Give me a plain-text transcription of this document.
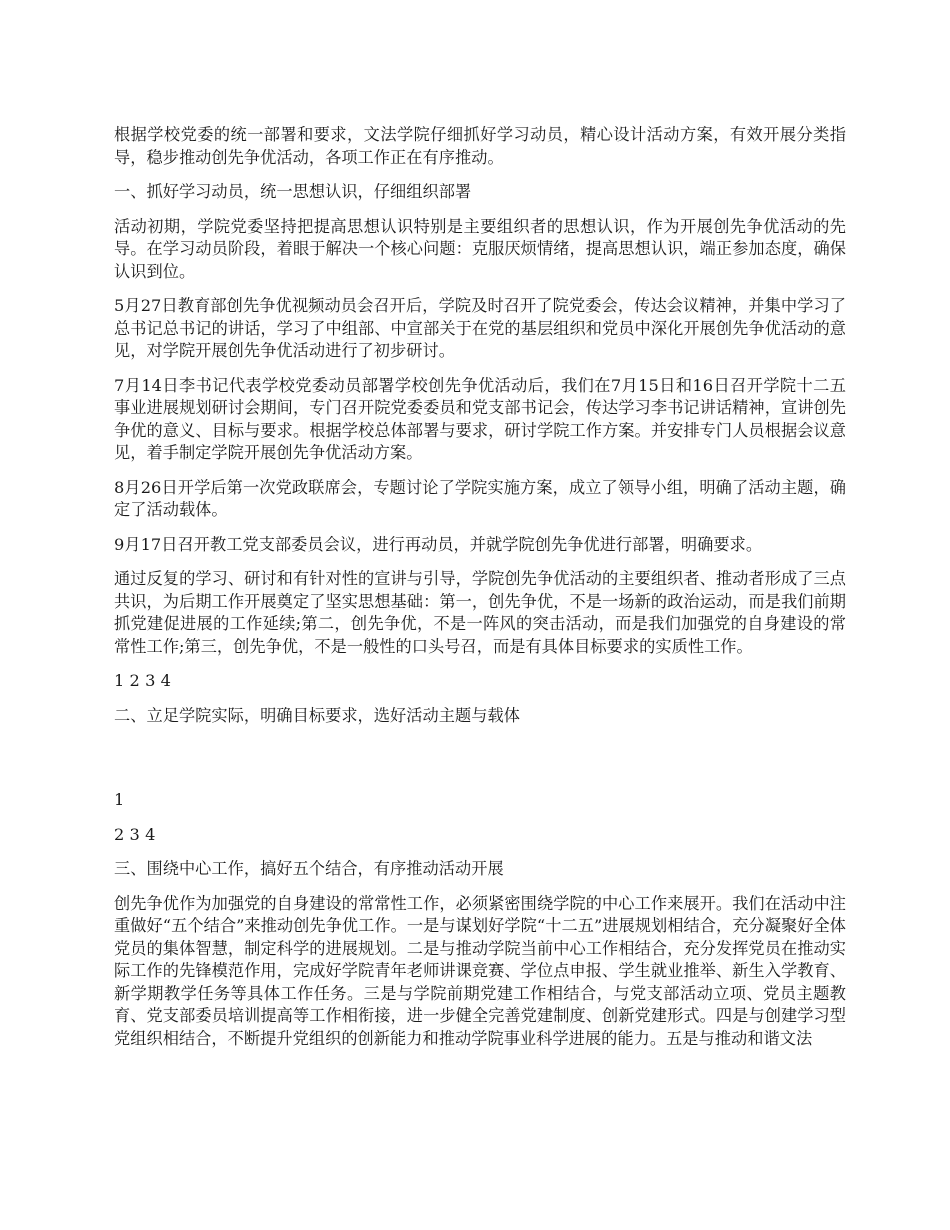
根据学校党委的统一部署和要求，文法学院仔细抓好学习动员，精心设计活动方案，有效开展分类指导，稳步推动创先争优活动，各项工作正在有序推动。

一、抓好学习动员，统一思想认识，仔细组织部署

活动初期，学院党委坚持把提高思想认识特别是主要组织者的思想认识，作为开展创先争优活动的先导。在学习动员阶段，着眼于解决一个核心问题：克服厌烦情绪，提高思想认识，端正参加态度，确保认识到位。

5月27日教育部创先争优视频动员会召开后，学院及时召开了院党委会，传达会议精神，并集中学习了总书记总书记的讲话，学习了中组部、中宣部关于在党的基层组织和党员中深化开展创先争优活动的意见，对学院开展创先争优活动进行了初步研讨。

7月14日李书记代表学校党委动员部署学校创先争优活动后，我们在7月15日和16日召开学院十二五事业进展规划研讨会期间，专门召开院党委委员和党支部书记会，传达学习李书记讲话精神，宣讲创先争优的意义、目标与要求。根据学校总体部署与要求，研讨学院工作方案。并安排专门人员根据会议意见，着手制定学院开展创先争优活动方案。

8月26日开学后第一次党政联席会，专题讨论了学院实施方案，成立了领导小组，明确了活动主题，确定了活动载体。

9月17日召开教工党支部委员会议，进行再动员，并就学院创先争优进行部署，明确要求。

通过反复的学习、研讨和有针对性的宣讲与引导，学院创先争优活动的主要组织者、推动者形成了三点共识，为后期工作开展奠定了坚实思想基础：第一，创先争优，不是一场新的政治运动，而是我们前期抓党建促进展的工作延续;第二，创先争优，不是一阵风的突击活动，而是我们加强党的自身建设的常常性工作;第三，创先争优，不是一般性的口头号召，而是有具体目标要求的实质性工作。

1 2 3 4

二、立足学院实际，明确目标要求，选好活动主题与载体

1

2 3 4

三、围绕中心工作，搞好五个结合，有序推动活动开展

创先争优作为加强党的自身建设的常常性工作，必须紧密围绕学院的中心工作来展开。我们在活动中注重做好“五个结合”来推动创先争优工作。一是与谋划好学院“十二五”进展规划相结合，充分凝聚好全体党员的集体智慧，制定科学的进展规划。二是与推动学院当前中心工作相结合，充分发挥党员在推动实际工作的先锋模范作用，完成好学院青年老师讲课竞赛、学位点申报、学生就业推举、新生入学教育、新学期教学任务等具体工作任务。三是与学院前期党建工作相结合，与党支部活动立项、党员主题教育、党支部委员培训提高等工作相衔接，进一步健全完善党建制度、创新党建形式。四是与创建学习型党组织相结合，不断提升党组织的创新能力和推动学院事业科学进展的能力。五是与推动和谐文法
